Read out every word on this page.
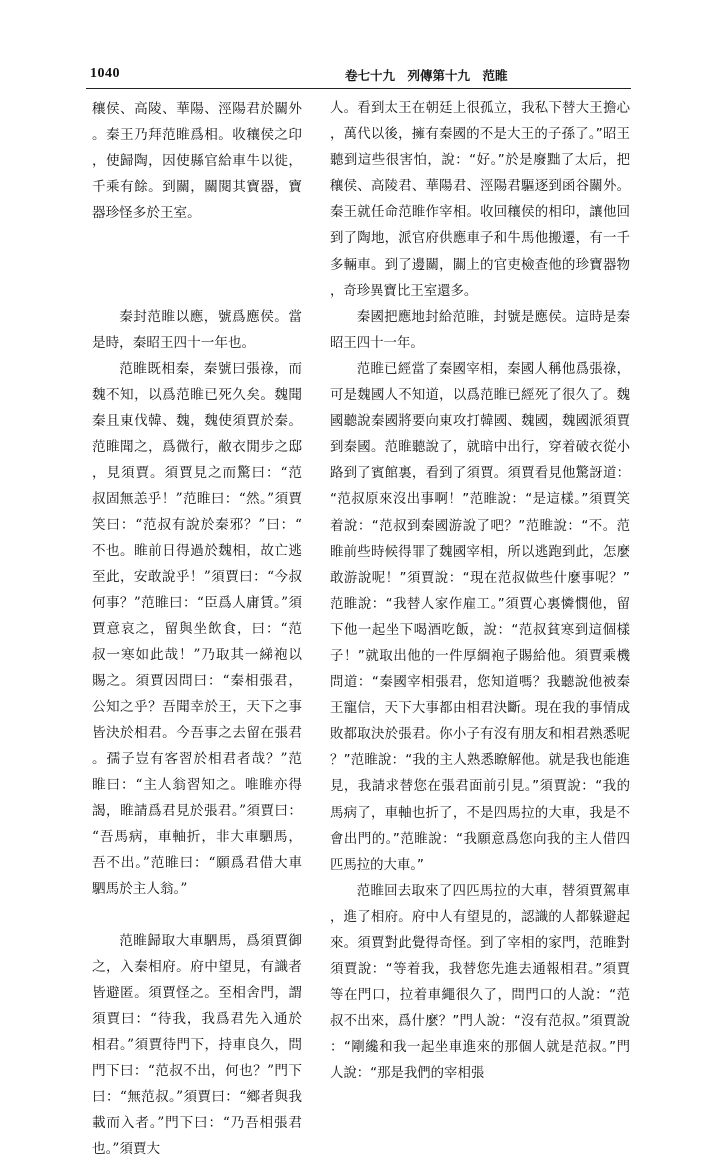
1040	卷七十九　列傳第十九　范睢

穰侯、高陵、華陽、涇陽君於關外。秦王乃拜范睢爲相。收穰侯之印，使歸陶，因使縣官給車牛以徙，千乘有餘。到關，關閱其寶器，寶器珍怪多於王室。

秦封范睢以應，號爲應侯。當是時，秦昭王四十一年也。

范睢既相秦，秦號曰張祿，而魏不知，以爲范睢已死久矣。魏聞秦且東伐韓、魏，魏使須賈於秦。范睢聞之，爲微行，敝衣閒步之邸，見須賈。須賈見之而驚曰：“范叔固無恙乎！”范睢曰：“然。”須賈笑曰：“范叔有說於秦邪？”曰：“不也。睢前日得過於魏相，故亡逃至此，安敢說乎！”須賈曰：“今叔何事？”范睢曰：“臣爲人庸賃。”須賈意哀之，留與坐飲食，曰：“范叔一寒如此哉！”乃取其一綈袍以賜之。須賈因問曰：“秦相張君，公知之乎？吾聞幸於王，天下之事皆決於相君。今吾事之去留在張君。孺子豈有客習於相君者哉？”范睢曰：“主人翁習知之。唯睢亦得謁，睢請爲君見於張君。”須賈曰：“吾馬病，車軸折，非大車駟馬，吾不出。”范睢曰：“願爲君借大車駟馬於主人翁。”

范睢歸取大車駟馬，爲須賈御之，入秦相府。府中望見，有識者皆避匿。須賈怪之。至相舍門，謂須賈曰：“待我，我爲君先入通於相君。”須賈待門下，持車良久，問門下曰：“范叔不出，何也？”門下曰：“無范叔。”須賈曰：“鄉者與我載而入者。”門下曰：“乃吾相張君也。”須賈大

人。看到太王在朝廷上很孤立，我私下替大王擔心，萬代以後，擁有秦國的不是大王的子孫了。”昭王聽到這些很害怕，說：“好。”於是廢黜了太后，把穰侯、高陵君、華陽君、涇陽君驅逐到函谷關外。秦王就任命范睢作宰相。收回穰侯的相印，讓他回到了陶地，派官府供應車子和牛馬他搬遷，有一千多輛車。到了邊關，關上的官吏檢查他的珍寶器物，奇珍異寶比王室還多。

秦國把應地封給范睢，封號是應侯。這時是秦昭王四十一年。

范睢已經當了秦國宰相，秦國人稱他爲張祿，可是魏國人不知道，以爲范睢已經死了很久了。魏國聽說秦國將要向東攻打韓國、魏國，魏國派須賈到秦國。范睢聽說了，就暗中出行，穿着破衣從小路到了賓館裏，看到了須賈。須賈看見他驚訝道：“范叔原來沒出事啊！”范睢說：“是這樣。”須賈笑着說：“范叔到秦國游說了吧？”范睢說：“不。范睢前些時候得罪了魏國宰相，所以逃跑到此，怎麼敢游說呢！”須賈說：“現在范叔做些什麼事呢？”范睢說：“我替人家作雇工。”須賈心裏憐憫他，留下他一起坐下喝酒吃飯，說：“范叔貧寒到這個樣子！”就取出他的一件厚綢袍子賜給他。須賈乘機問道：“秦國宰相張君，您知道嗎？我聽說他被秦王寵信，天下大事都由相君決斷。現在我的事情成敗都取決於張君。你小子有沒有朋友和相君熟悉呢？”范睢說：“我的主人熟悉瞭解他。就是我也能進見，我請求替您在張君面前引見。”須賈說：“我的馬病了，車軸也折了，不是四馬拉的大車，我是不會出門的。”范睢說：“我願意爲您向我的主人借四匹馬拉的大車。”

范睢回去取來了四匹馬拉的大車，替須賈駕車，進了相府。府中人有望見的，認識的人都躲避起來。須賈對此覺得奇怪。到了宰相的家門，范睢對須賈說：“等着我，我替您先進去通報相君。”須賈等在門口，拉着車繩很久了，問門口的人說：“范叔不出來，爲什麼？”門人說：“沒有范叔。”須賈說：“剛纔和我一起坐車進來的那個人就是范叔。”門人說：“那是我們的宰相張
